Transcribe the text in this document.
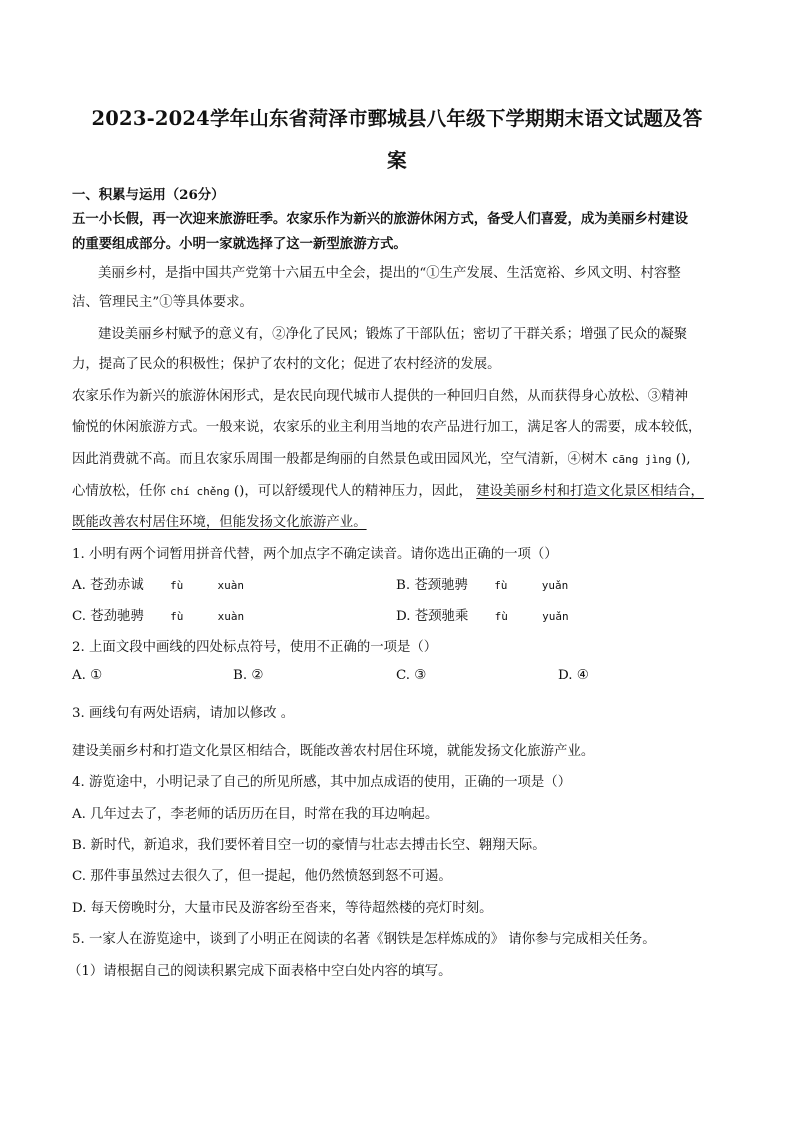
2023-2024学年山东省菏泽市鄄城县八年级下学期期末语文试题及答
案
一、积累与运用（26分）
五一小长假，再一次迎来旅游旺季。农家乐作为新兴的旅游休闲方式，备受人们喜爱，成为美丽乡村建设
的重要组成部分。小明一家就选择了这一新型旅游方式。
美丽乡村，是指中国共产党第十六届五中全会，提出的“①生产发展、生活宽裕、乡风文明、村容整
洁、管理民主”①等具体要求。
建设美丽乡村赋予的意义有，②净化了民风；锻炼了干部队伍；密切了干群关系；增强了民众的凝聚
力，提高了民众的积极性；保护了农村的文化；促进了农村经济的发展。
农家乐作为新兴的旅游休闲形式，是农民向现代城市人提供的一种回归自然，从而获得身心放松、③精神
愉悦的休闲旅游方式。一般来说，农家乐的业主利用当地的农产品进行加工，满足客人的需要，成本较低，
因此消费就不高。而且农家乐周围一般都是绚丽的自然景色或田园风光，空气清新，④树木 cāng jìng (),
心情放松，任你 chí chěng ()，可以舒缓现代人的精神压力，因此， 建设美丽乡村和打造文化景区相结合，
既能改善农村居住环境，但能发扬文化旅游产业。
1. 小明有两个词暂用拼音代替，两个加点字不确定读音。请你选出正确的一项（）
A. 苍劲赤诚 fù	xuàn	B. 苍颈驰骋 fù	yuǎn
C. 苍劲驰骋 fù	xuàn	D. 苍颈驰乘 fù	yuǎn
2. 上面文段中画线的四处标点符号，使用不正确的一项是（）
A. ①	B. ②	C. ③	D. ④
3. 画线句有两处语病，请加以修改 。
建设美丽乡村和打造文化景区相结合，既能改善农村居住环境，就能发扬文化旅游产业。
4. 游览途中，小明记录了自己的所见所感，其中加点成语的使用，正确的一项是（）
A. 几年过去了，李老师的话历历在目，时常在我的耳边响起。
B. 新时代，新追求，我们要怀着目空一切的豪情与壮志去搏击长空、翱翔天际。
C. 那件事虽然过去很久了，但一提起，他仍然愤怒到怒不可遏。
D. 每天傍晚时分，大量市民及游客纷至沓来，等待超然楼的亮灯时刻。
5. 一家人在游览途中，谈到了小明正在阅读的名著《钢铁是怎样炼成的》 请你参与完成相关任务。
（1）请根据自己的阅读积累完成下面表格中空白处内容的填写。
